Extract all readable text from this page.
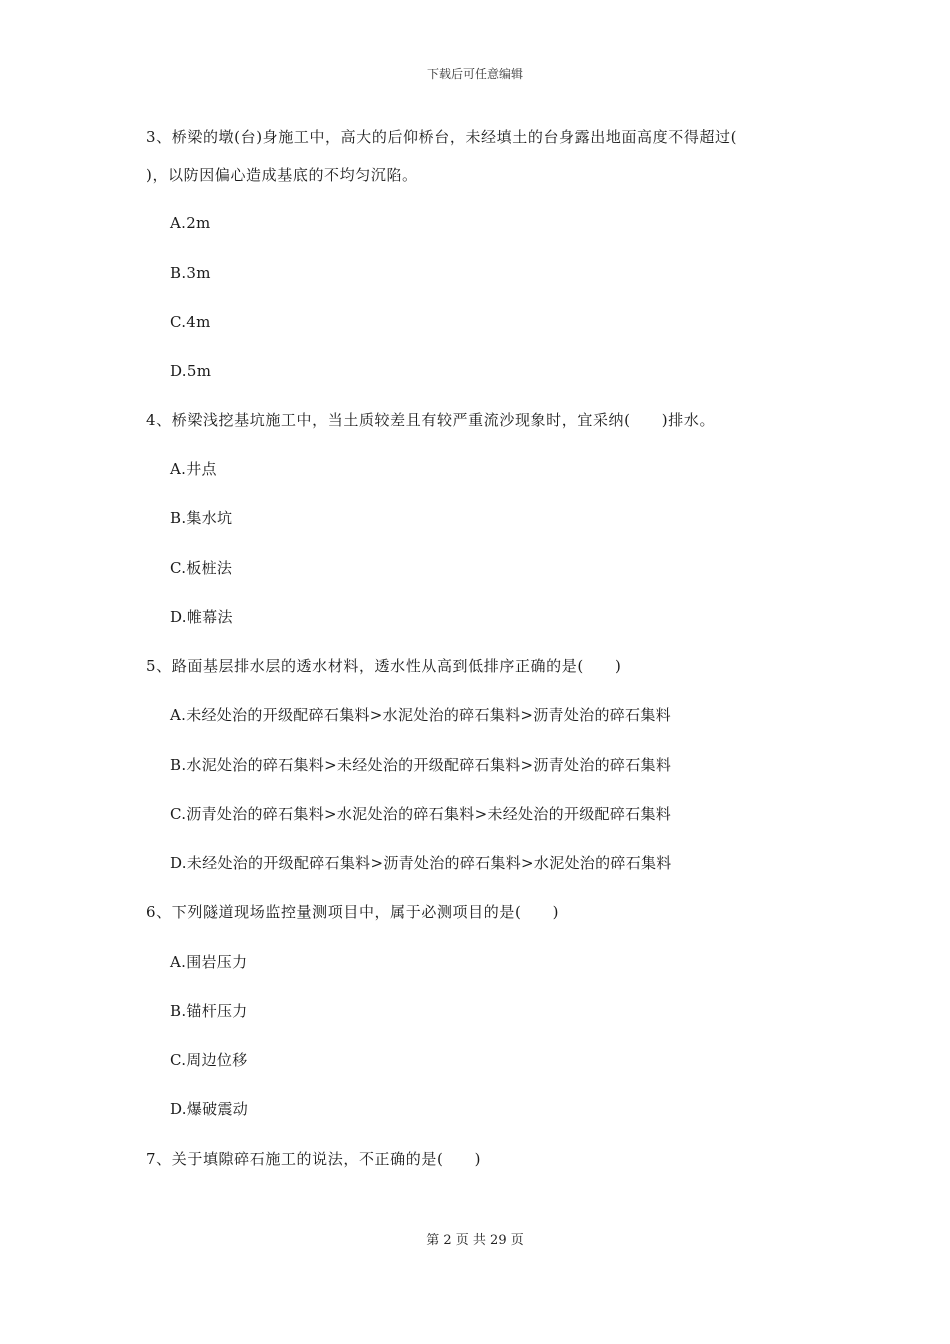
下载后可任意编辑
3、桥梁的墩(台)身施工中，高大的后仰桥台，未经填土的台身露出地面高度不得超过(
)，以防因偏心造成基底的不均匀沉陷。
A.2m
B.3m
C.4m
D.5m
4、桥梁浅挖基坑施工中，当土质较差且有较严重流沙现象时，宜采纳(　　)排水。
A.井点
B.集水坑
C.板桩法
D.帷幕法
5、路面基层排水层的透水材料，透水性从高到低排序正确的是(　　)
A.未经处治的开级配碎石集料>水泥处治的碎石集料>沥青处治的碎石集料
B.水泥处治的碎石集料>未经处治的开级配碎石集料>沥青处治的碎石集料
C.沥青处治的碎石集料>水泥处治的碎石集料>未经处治的开级配碎石集料
D.未经处治的开级配碎石集料>沥青处治的碎石集料>水泥处治的碎石集料
6、下列隧道现场监控量测项目中，属于必测项目的是(　　)
A.围岩压力
B.锚杆压力
C.周边位移
D.爆破震动
7、关于填隙碎石施工的说法，不正确的是(　　)
第 2 页 共 29 页
